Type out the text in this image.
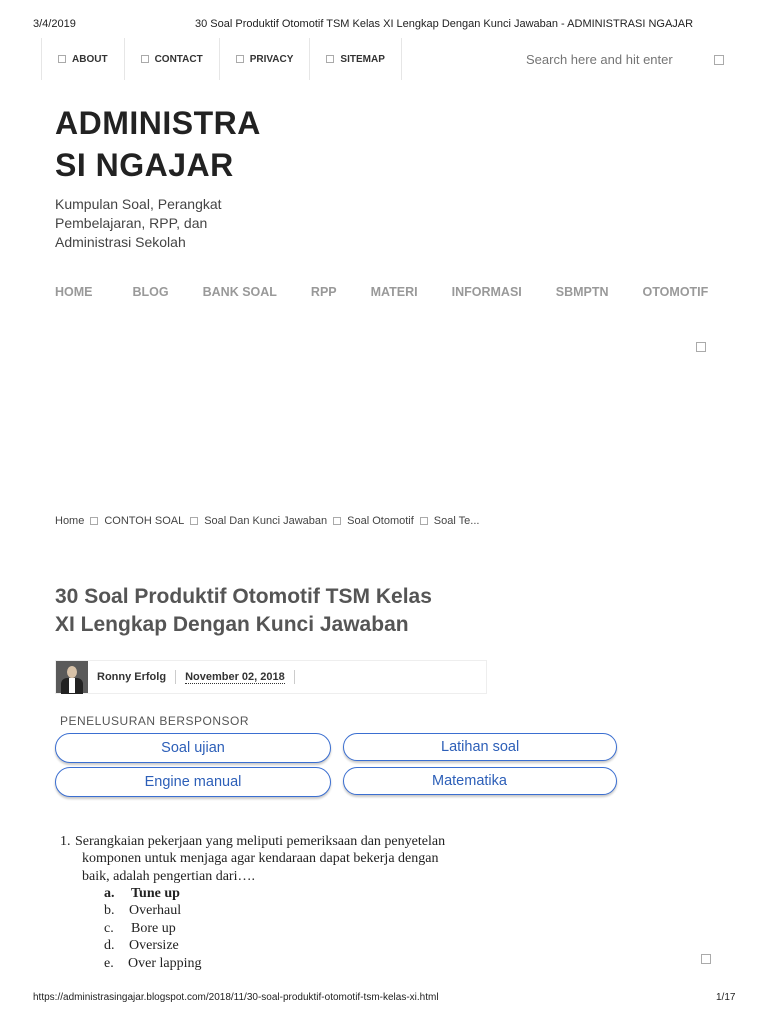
3/4/2019	30 Soal Produktif Otomotif TSM Kelas XI Lengkap Dengan Kunci Jawaban - ADMINISTRASI NGAJAR
ABOUT	CONTACT	PRIVACY	SITEMAP
Search here and hit enter
ADMINISTRA
SI NGAJAR
Kumpulan Soal, Perangkat
Pembelajaran, RPP, dan
Administrasi Sekolah
HOME	BLOG	BANK SOAL	RPP	MATERI	INFORMASI	SBMPTN	OTOMOTIF
Home CONTOH SOAL Soal Dan Kunci Jawaban Soal Otomotif Soal Te...
30 Soal Produktif Otomotif TSM Kelas
XI Lengkap Dengan Kunci Jawaban
Ronny Erfolg November 02, 2018
PENELUSURAN BERSPONSOR
Soal ujian	Latihan soal
Engine manual	Matematika
1. Serangkaian pekerjaan yang meliputi pemeriksaan dan penyetelan
komponen untuk menjaga agar kendaraan dapat bekerja dengan
baik, adalah pengertian dari….
a.	Tune up
b.	Overhaul
c.	Bore up
d.	Oversize
e.	Over lapping
https://administrasingajar.blogspot.com/2018/11/30-soal-produktif-otomotif-tsm-kelas-xi.html	1/17
